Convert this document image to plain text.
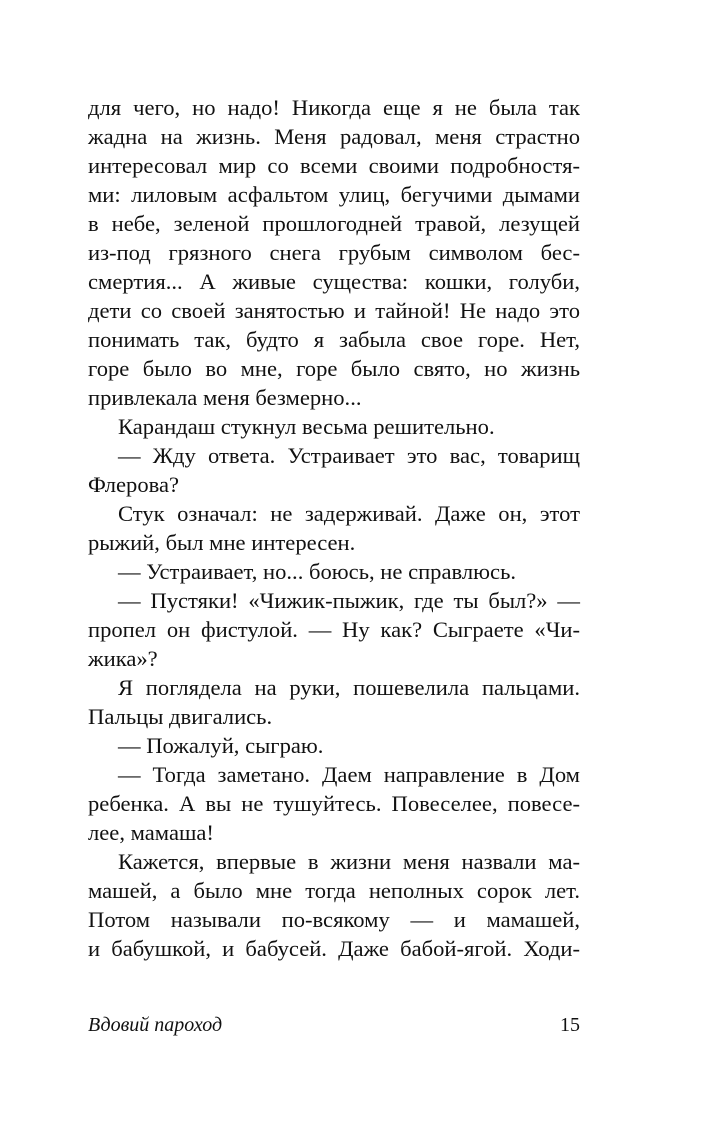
для чего, но надо! Никогда еще я не была так
жадна на жизнь. Меня радовал, меня страстно
интересовал мир со всеми своими подробностя-
ми: лиловым асфальтом улиц, бегучими дымами
в небе, зеленой прошлогодней травой, лезущей
из-под грязного снега грубым символом бес-
смертия... А живые существа: кошки, голуби,
дети со своей занятостью и тайной! Не надо это
понимать так, будто я забыла свое горе. Нет,
горе было во мне, горе было свято, но жизнь
привлекала меня безмерно...
Карандаш стукнул весьма решительно.
— Жду ответа. Устраивает это вас, товарищ
Флерова?
Стук означал: не задерживай. Даже он, этот
рыжий, был мне интересен.
— Устраивает, но... боюсь, не справлюсь.
— Пустяки! «Чижик-пыжик, где ты был?» —
пропел он фистулой. — Ну как? Сыграете «Чи-
жика»?
Я поглядела на руки, пошевелила пальцами.
Пальцы двигались.
— Пожалуй, сыграю.
— Тогда заметано. Даем направление в Дом
ребенка. А вы не тушуйтесь. Повеселее, повесе-
лее, мамаша!
Кажется, впервые в жизни меня назвали ма-
машей, а было мне тогда неполных сорок лет.
Потом называли по-всякому — и мамашей,
и бабушкой, и бабусей. Даже бабой-ягой. Ходи-
Вдовий пароход	15
